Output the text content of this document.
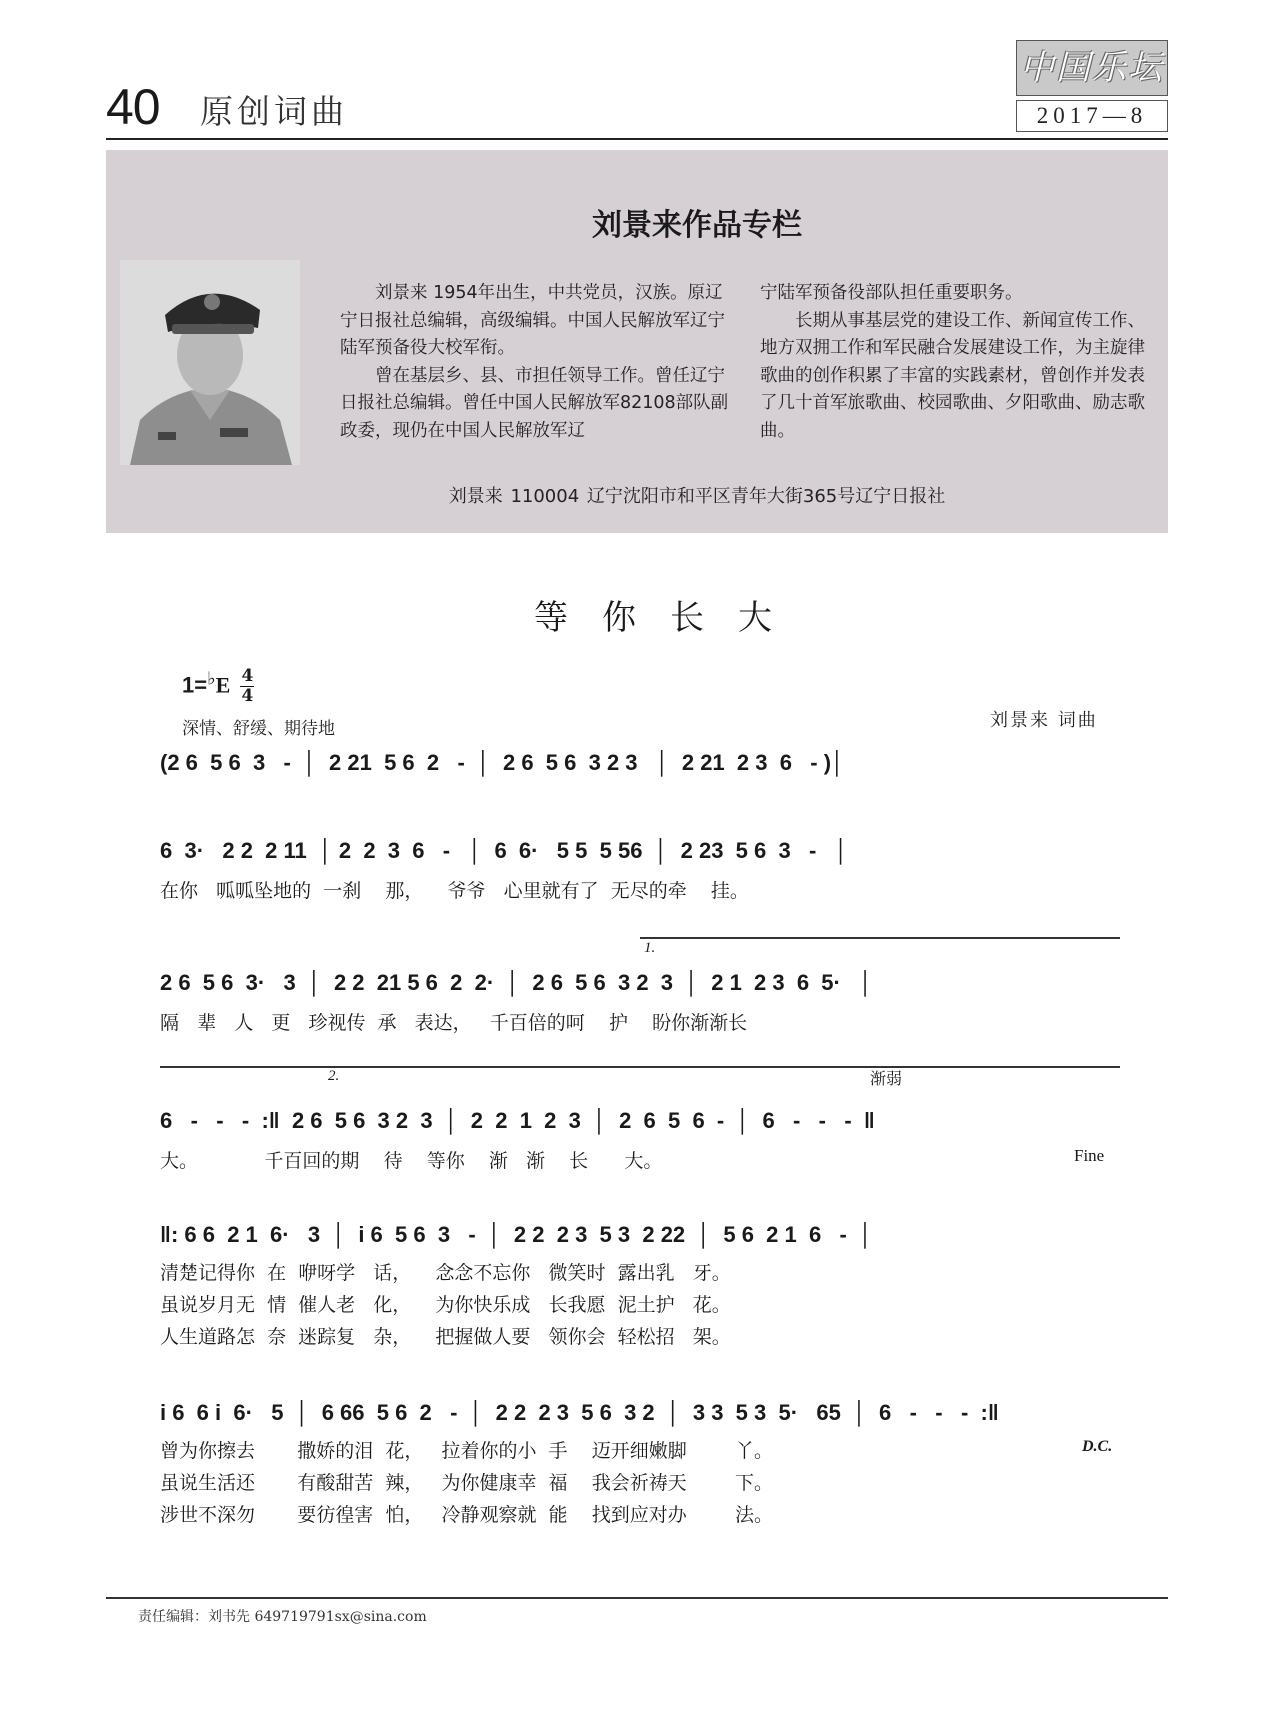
40 原创词曲
中国乐坛
2017—8
刘景来作品专栏

刘景来 1954年出生，中共党员，汉族。原辽宁日报社总编辑，高级编辑。中国人民解放军辽宁陆军预备役大校军衔。

曾在基层乡、县、市担任领导工作。曾任辽宁日报社总编辑。曾任中国人民解放军82108部队副政委，现仍在中国人民解放军辽

宁陆军预备役部队担任重要职务。

长期从事基层党的建设工作、新闻宣传工作、地方双拥工作和军民融合发展建设工作，为主旋律歌曲的创作积累了丰富的实践素材，曾创作并发表了几十首军旅歌曲、校园歌曲、夕阳歌曲、励志歌曲。

刘景来 110004 辽宁沈阳市和平区青年大街365号辽宁日报社
等你长大
$1=^♭E \frac{4}{4}$
深情、舒缓、期待地	刘景来 词曲
(2 6  5 6  3   -  │  2 21  5 6  2   -  │  2 6  5 6  3 2 3   │  2 21  2 3  6   - )│
6  3·   2 2  2 11  │ 2  2  3  6   -   │  6  6·   5 5  5 56  │  2 23  5 6  3   -   │
在你   呱呱坠地的  一刹    那，    爷爷   心里就有了  无尽的牵    挂。
1.
2 6  5 6  3·   3  │  2 2  21 5 6  2  2·  │  2 6  5 6  3 2  3  │  2 1  2 3  6  5·   │
隔   辈   人   更   珍视传  承   表达，   千百倍的呵    护    盼你渐渐长
2.	渐弱
6   -   -   -  :‖  2 6  5 6  3 2  3  │  2  2  1  2  3  │  2  6  5  6  -  │  6   -   -   -  ‖
大。           千百回的期    待    等你    渐   渐    长      大。	Fine
‖: 6 6  2 1  6·   3  │  i 6  5 6  3   -  │  2 2  2 3  5 3  2 22  │  5 6  2 1  6   -  │
清楚记得你  在  咿呀学   话，    念念不忘你   微笑时  露出乳   牙。
虽说岁月无  情  催人老   化，    为你快乐成   长我愿  泥土护   花。
人生道路怎  奈  迷踪复   杂，    把握做人要   领你会  轻松招   架。
i 6  6 i  6·   5  │  6 66  5 6  2   -  │  2 2  2 3  5 6  3 2  │  3 3  5 3  5·   65  │  6   -   -   -  :‖
曾为你擦去       撒娇的泪  花，   拉着你的小  手    迈开细嫩脚        丫。
虽说生活还       有酸甜苦  辣，   为你健康幸  福    我会祈祷天        下。
涉世不深勿       要彷徨害  怕，   冷静观察就  能    找到应对办        法。
D.C.
责任编辑：刘书先 649719791sx@sina.com
